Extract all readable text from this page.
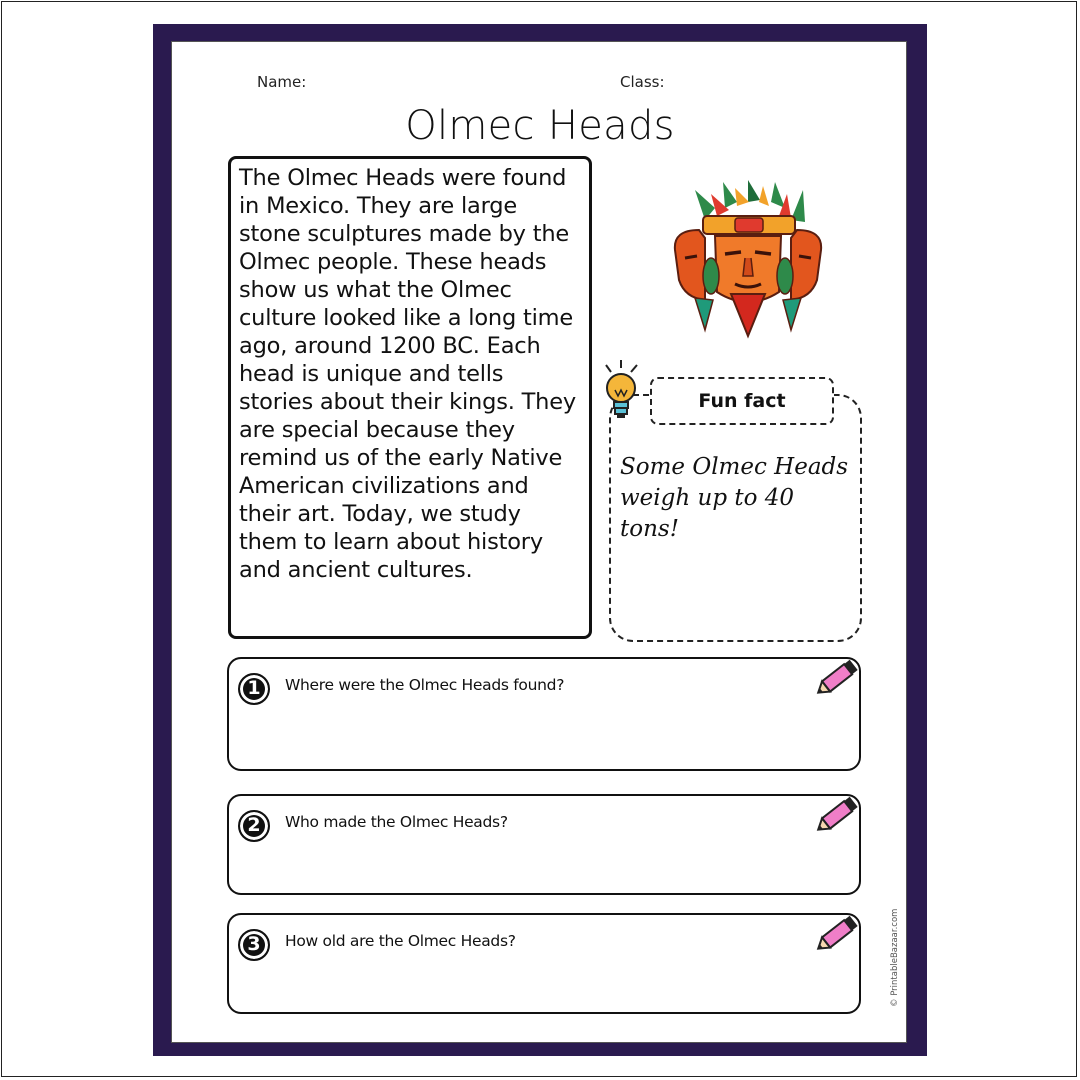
Name:	Class:
Olmec Heads
The Olmec Heads were found in Mexico. They are large stone sculptures made by the Olmec people. These heads show us what the Olmec culture looked like a long time ago, around 1200 BC. Each head is unique and tells stories about their kings. They are special because they remind us of the early Native American civilizations and their art. Today, we study them to learn about history and ancient cultures.
Fun fact
Some Olmec Heads weigh up to 40 tons!
1	Where were the Olmec Heads found?
2	Who made the Olmec Heads?
3	How old are the Olmec Heads?	© PrintableBazaar.com
